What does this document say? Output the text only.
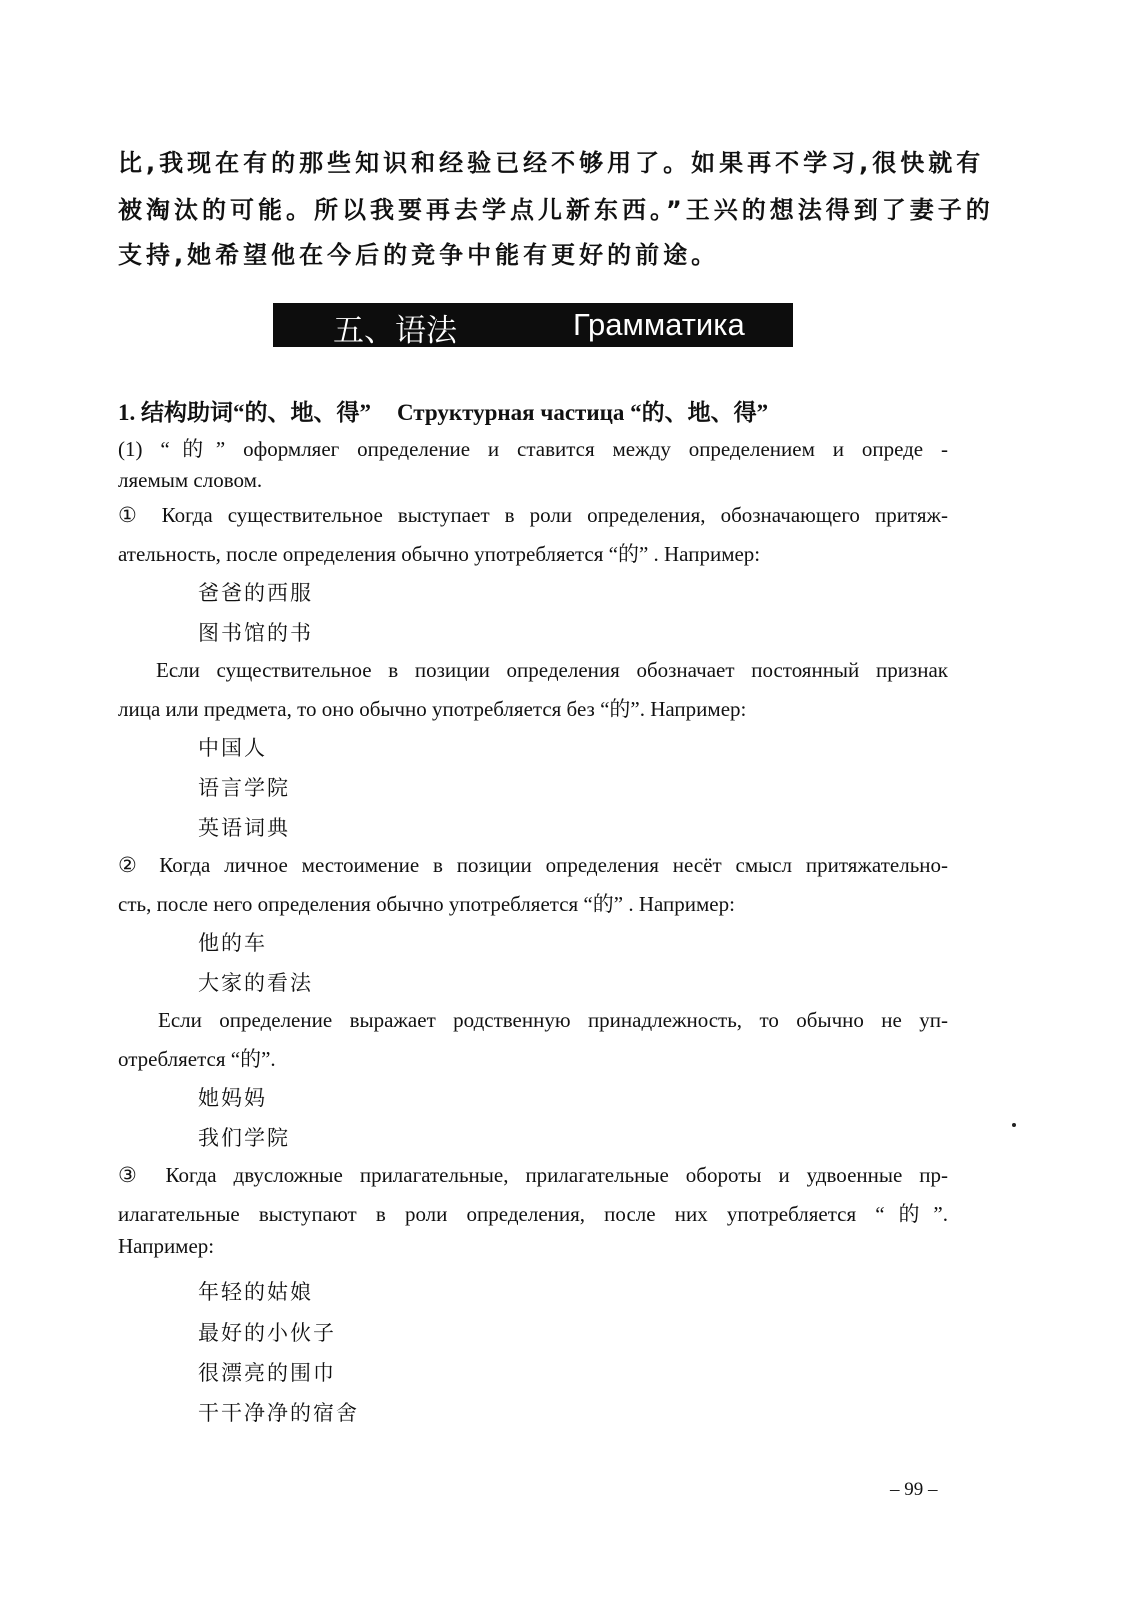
比,我现在有的那些知识和经验已经不够用了。如果再不学习,很快就有
被淘汰的可能。所以我要再去学点儿新东西。”王兴的想法得到了妻子的
支持,她希望他在今后的竞争中能有更好的前途。
五、语法	Грамматика
1. 结构助词“的、地、得” Структурная частица “的、地、得”
(1) “的” оформляег определение и ставится между определением и опреде -
ляемым словом.
① Когда существительное выступает в роли определения, обозначающего притяж-
ательность, после определения обычно употребляется “的” . Например:
爸爸的西服
图书馆的书
Если существительное в позиции определения обозначает постоянный признак
лица или предмета, то оно обычно употребляется без “的”. Например:
中国人
语言学院
英语词典
② Когда личное местоимение в позиции определения несёт смысл притяжательно-
сть, после него определения обычно употребляется “的” . Например:
他的车
大家的看法
Если определение выражает родственную принадлежность, то обычно не уп-
отребляется “的”.
她妈妈
我们学院
③ Когда двусложные прилагательные, прилагательные обороты и удвоенные пр-
илагательные выступают в роли определения, после них употребляется “的”.
Например:
年轻的姑娘
最好的小伙子
很漂亮的围巾
干干净净的宿舍
– 99 –
